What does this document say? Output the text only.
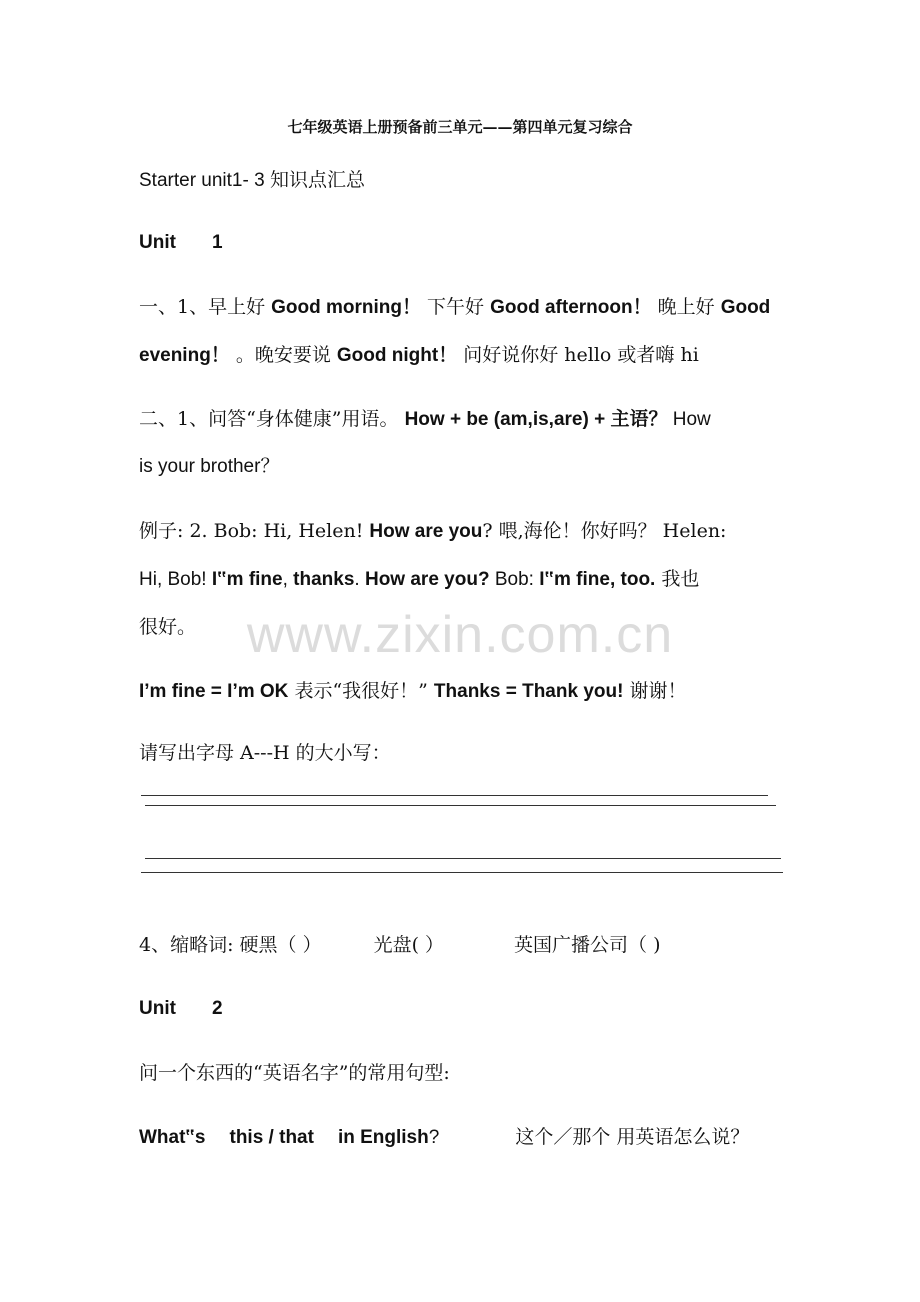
七年级英语上册预备前三单元——第四单元复习综合
Starter unit1- 3 知识点汇总
Unit 1
一、1、早上好 Good morning！ 下午好 Good afternoon！ 晚上好 Good
evening！ 。晚安要说 Good night！ 问好说你好 hello 或者嗨 hi
二、1、问答“身体健康”用语。 How + be (am,is,are) + 主语？ How
is your brother？
例子: 2. Bob: Hi, Helen! How are you? 喂,海伦！你好吗？ Helen:
Hi, Bob! I‟m fine, thanks. How are you? Bob: I‟m fine, too. 我也
很好。 www.zixin.com.cn
I’m fine = I’m OK 表示“我很好！” Thanks = Thank you! 谢谢！
请写出字母 A---H 的大小写：
4、缩略词: 硬黑（ ）	光盘( ）	英国广播公司（ )
Unit 2
问一个东西的“英语名字”的常用句型:
What‟s this / that in English?	这个／那个 用英语怎么说？
